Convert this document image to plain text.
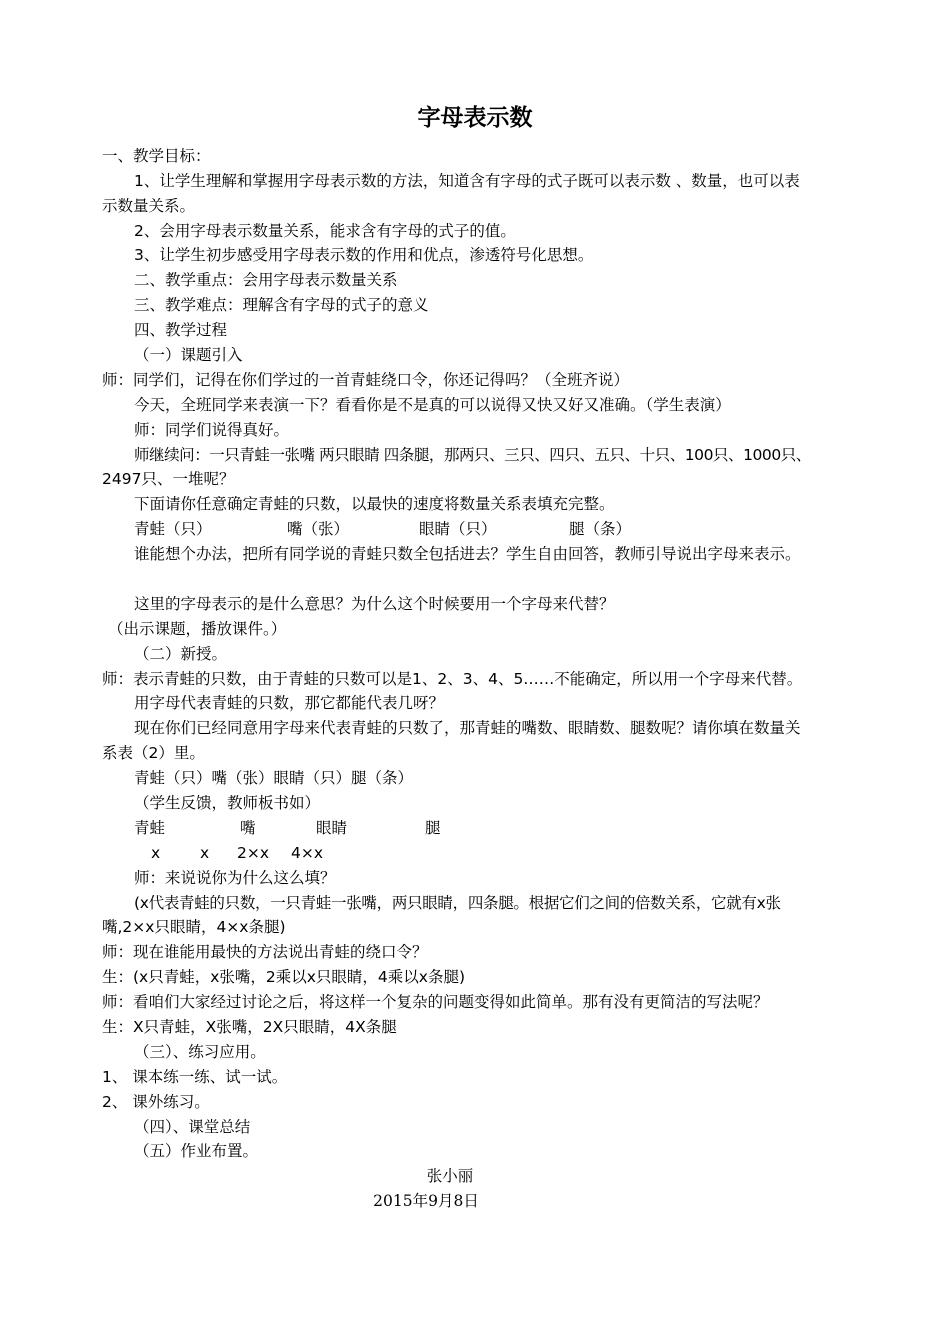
字母表示数
一、教学目标：
1、让学生理解和掌握用字母表示数的方法，知道含有字母的式子既可以表示数 、数量，也可以表
示数量关系。
2、会用字母表示数量关系，能求含有字母的式子的值。
3、让学生初步感受用字母表示数的作用和优点，渗透符号化思想。
二、教学重点：会用字母表示数量关系
三、教学难点：理解含有字母的式子的意义
四、教学过程
（一）课题引入
师：同学们，记得在你们学过的一首青蛙绕口令，你还记得吗？（全班齐说）
今天，全班同学来表演一下？看看你是不是真的可以说得又快又好又准确。（学生表演）
师：同学们说得真好。
师继续问：一只青蛙一张嘴 两只眼睛 四条腿，那两只、三只、四只、五只、十只、100只、1000只、
2497只、一堆呢？
下面请你任意确定青蛙的只数，以最快的速度将数量关系表填充完整。
青蛙（只）	嘴（张）	眼睛（只）	腿（条）
谁能想个办法，把所有同学说的青蛙只数全包括进去？学生自由回答，教师引导说出字母来表示。
这里的字母表示的是什么意思？为什么这个时候要用一个字母来代替？
（出示课题，播放课件。）
（二）新授。
师：表示青蛙的只数，由于青蛙的只数可以是1、2、3、4、5……不能确定，所以用一个字母来代替。
用字母代表青蛙的只数，那它都能代表几呀？
现在你们已经同意用字母来代表青蛙的只数了，那青蛙的嘴数、眼睛数、腿数呢？请你填在数量关
系表（2）里。
青蛙（只）嘴（张）眼睛（只）腿（条）
（学生反馈，教师板书如）
青蛙	嘴	眼睛	腿
x	x 2×x 4×x
师：来说说你为什么这么填？
(x代表青蛙的只数，一只青蛙一张嘴，两只眼睛，四条腿。根据它们之间的倍数关系，它就有x张
嘴,2×x只眼睛，4×x条腿)
师：现在谁能用最快的方法说出青蛙的绕口令？
生：(x只青蛙，x张嘴，2乘以x只眼睛，4乘以x条腿)
师：看咱们大家经过讨论之后，将这样一个复杂的问题变得如此简单。那有没有更简洁的写法呢？
生：X只青蛙，X张嘴，2X只眼睛，4X条腿
（三）、练习应用。
1、 课本练一练、试一试。
2、 课外练习。
（四）、课堂总结
（五）作业布置。
张小丽
2015年9月8日
